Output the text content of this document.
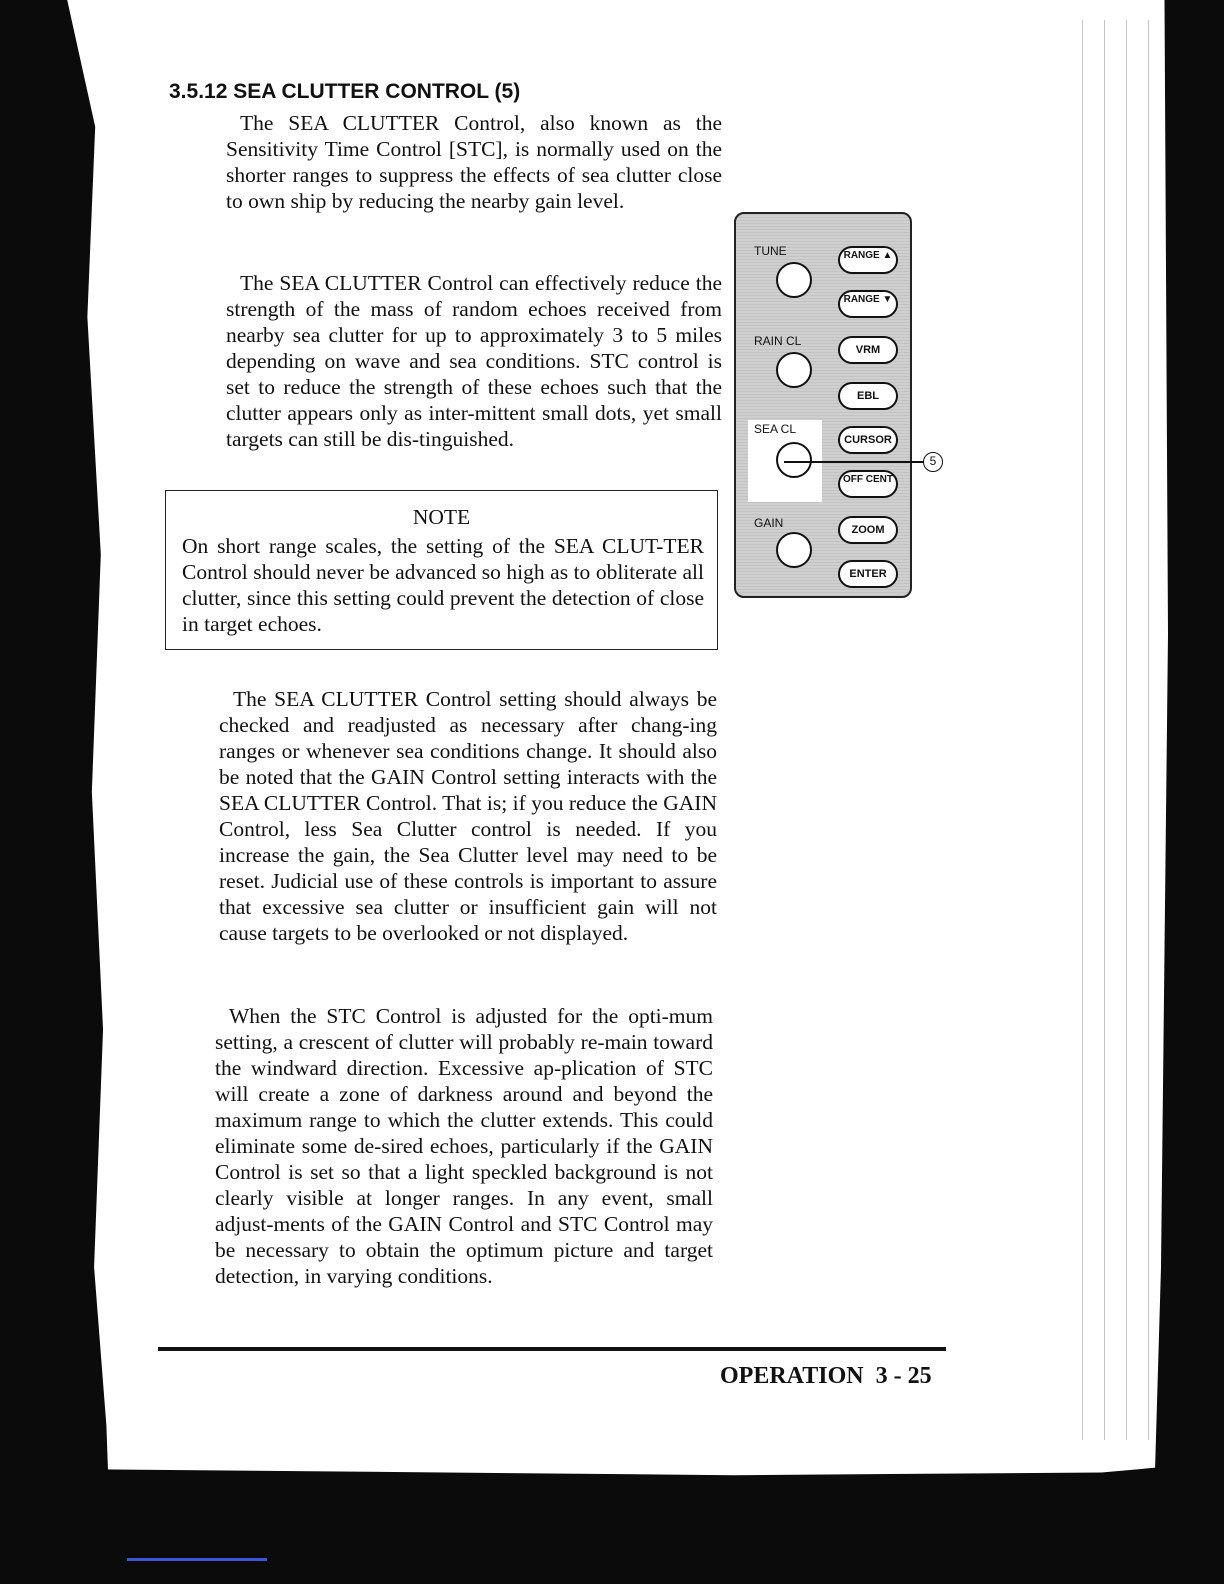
3.5.12 SEA CLUTTER CONTROL (5)

The SEA CLUTTER Control, also known as the Sensitivity Time Control [STC], is normally used on the shorter ranges to suppress the effects of sea clutter close to own ship by reducing the nearby gain level.

The SEA CLUTTER Control can effectively reduce the strength of the mass of random echoes received from nearby sea clutter for up to approximately 3 to 5 miles depending on wave and sea conditions. STC control is set to reduce the strength of these echoes such that the clutter appears only as inter-mittent small dots, yet small targets can still be dis-tinguished.

NOTE

On short range scales, the setting of the SEA CLUT-TER Control should never be advanced so high as to obliterate all clutter, since this setting could prevent the detection of close in target echoes.

The SEA CLUTTER Control setting should always be checked and readjusted as necessary after chang-ing ranges or whenever sea conditions change. It should also be noted that the GAIN Control setting interacts with the SEA CLUTTER Control. That is; if you reduce the GAIN Control, less Sea Clutter control is needed. If you increase the gain, the Sea Clutter level may need to be reset. Judicial use of these controls is important to assure that excessive sea clutter or insufficient gain will not cause targets to be overlooked or not displayed.

When the STC Control is adjusted for the opti-mum setting, a crescent of clutter will probably re-main toward the windward direction. Excessive ap-plication of STC will create a zone of darkness around and beyond the maximum range to which the clutter extends. This could eliminate some de-sired echoes, particularly if the GAIN Control is set so that a light speckled background is not clearly visible at longer ranges. In any event, small adjust-ments of the GAIN Control and STC Control may be necessary to obtain the optimum picture and target detection, in varying conditions.

TUNE
RAIN CL
SEA CL
GAIN
RANGE ▲
RANGE ▼
VRM
EBL
CURSOR
OFF CENT
ZOOM
ENTER
5
OPERATION 3 - 25
